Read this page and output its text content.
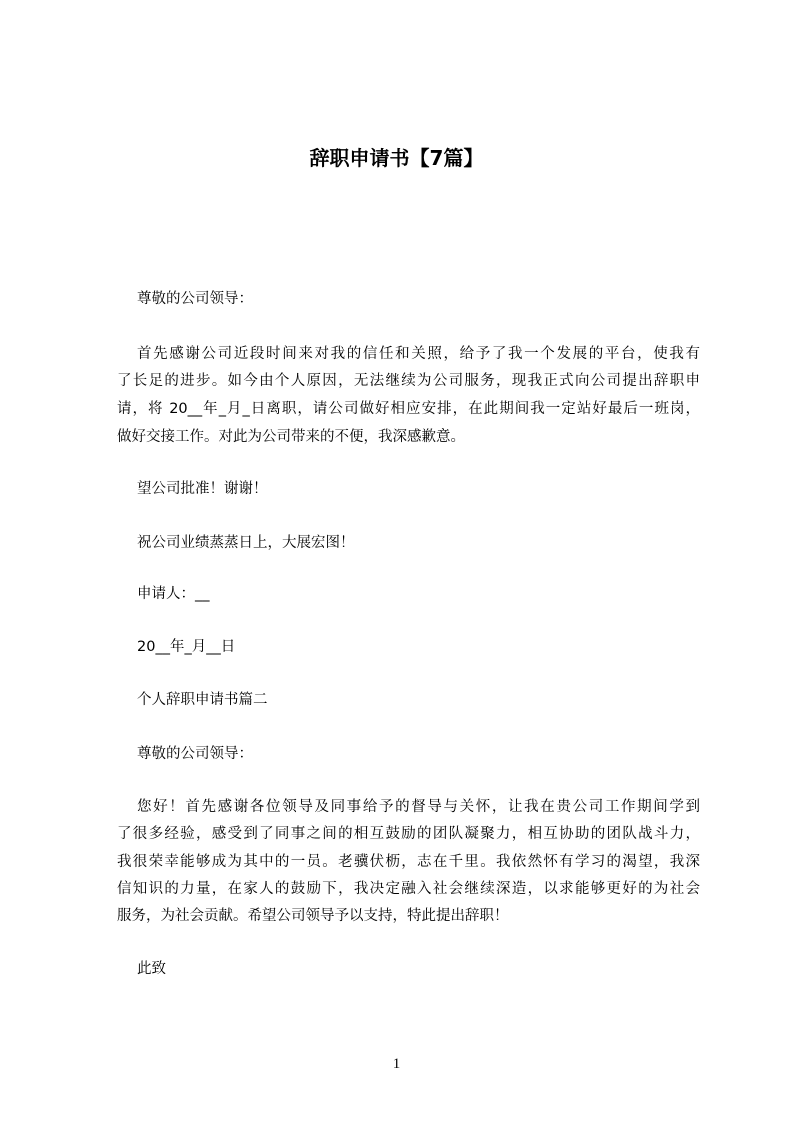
辞职申请书【7篇】
尊敬的公司领导：
首先感谢公司近段时间来对我的信任和关照，给予了我一个发展的平台，使我有
了长足的进步。如今由个人原因，无法继续为公司服务，现我正式向公司提出辞职申
请，将 20__年_月_日离职，请公司做好相应安排，在此期间我一定站好最后一班岗，
做好交接工作。对此为公司带来的不便，我深感歉意。
望公司批准！谢谢！
祝公司业绩蒸蒸日上，大展宏图！
申请人：__
20__年_月__日
个人辞职申请书篇二
尊敬的公司领导：
您好！首先感谢各位领导及同事给予的督导与关怀，让我在贵公司工作期间学到
了很多经验，感受到了同事之间的相互鼓励的团队凝聚力，相互协助的团队战斗力，
我很荣幸能够成为其中的一员。老骥伏枥，志在千里。我依然怀有学习的渴望，我深
信知识的力量，在家人的鼓励下，我决定融入社会继续深造，以求能够更好的为社会
服务，为社会贡献。希望公司领导予以支持，特此提出辞职！
此致
1
